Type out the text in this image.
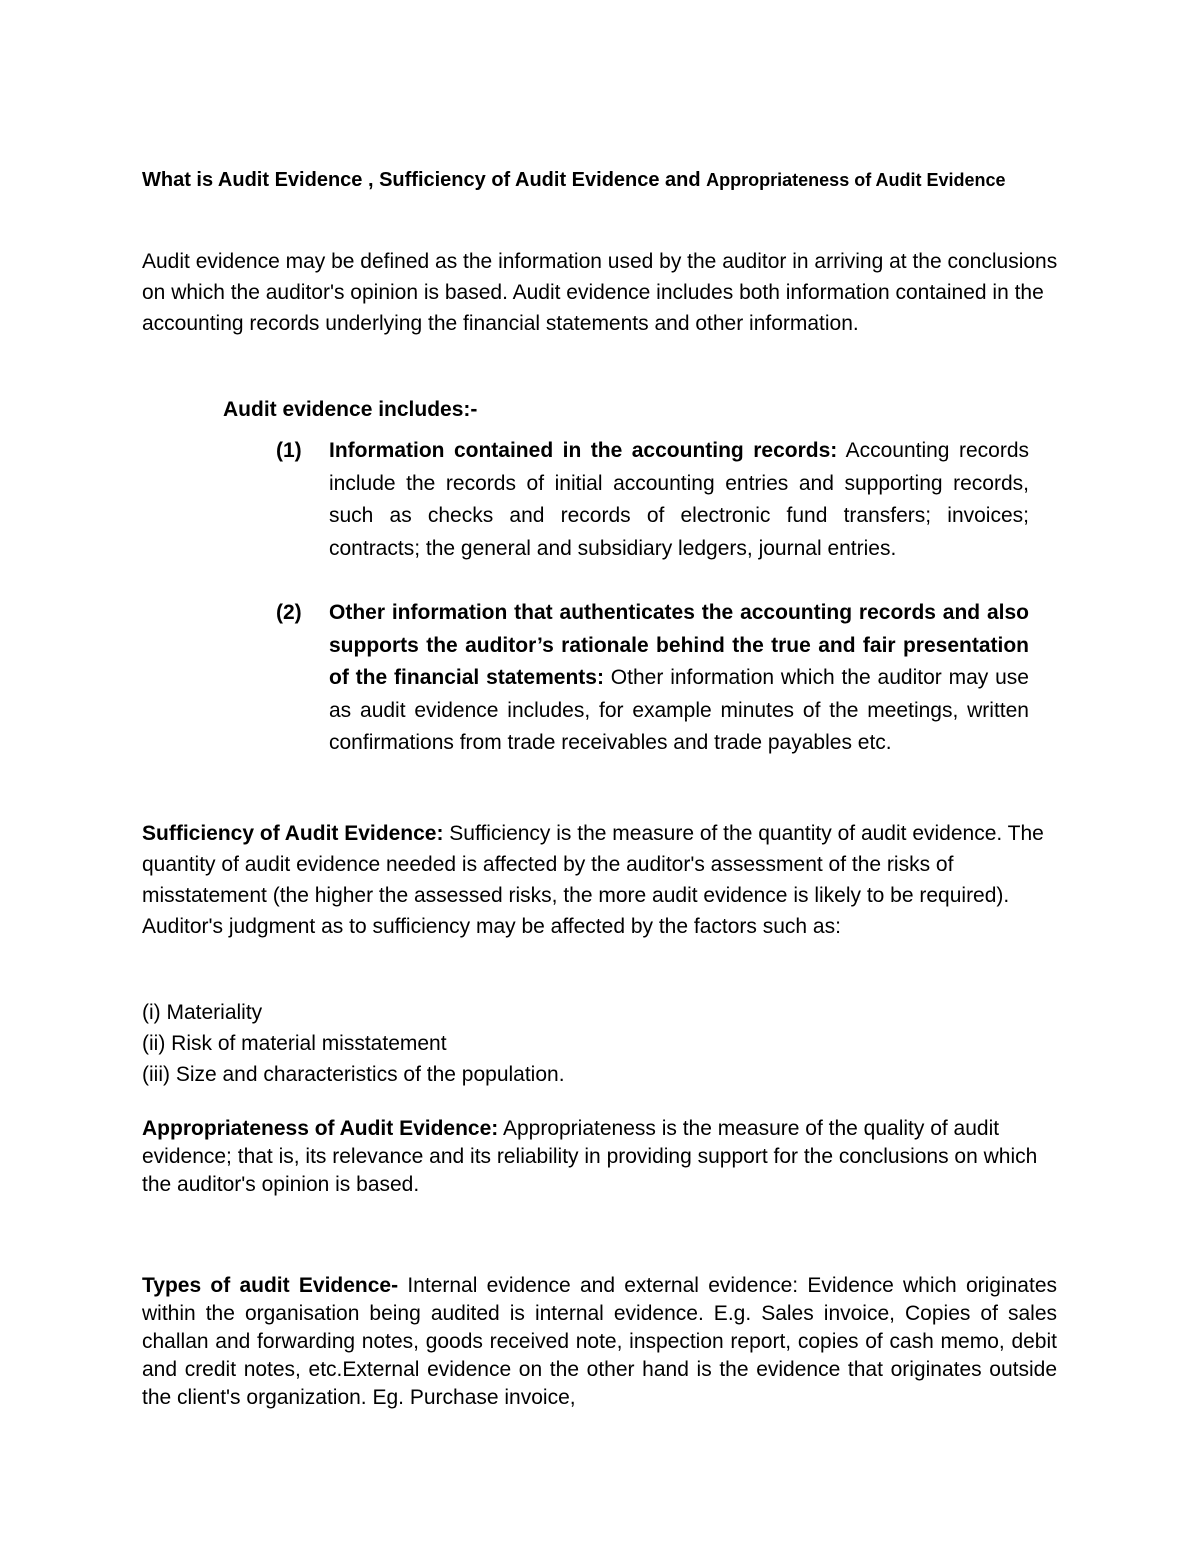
What is Audit Evidence , Sufficiency of Audit Evidence and Appropriateness of Audit Evidence
Audit evidence may be defined as the information used by the auditor in arriving at the conclusions on which the auditor's opinion is based. Audit evidence includes both information contained in the accounting records underlying the financial statements and other information.
Audit evidence includes:-
(1) Information contained in the accounting records: Accounting records include the records of initial accounting entries and supporting records, such as checks and records of electronic fund transfers; invoices; contracts; the general and subsidiary ledgers, journal entries.
(2) Other information that authenticates the accounting records and also supports the auditor’s rationale behind the true and fair presentation of the financial statements: Other information which the auditor may use as audit evidence includes, for example minutes of the meetings, written confirmations from trade receivables and trade payables etc.
Sufficiency of Audit Evidence: Sufficiency is the measure of the quantity of audit evidence. The quantity of audit evidence needed is affected by the auditor's assessment of the risks of misstatement (the higher the assessed risks, the more audit evidence is likely to be required). Auditor's judgment as to sufficiency may be affected by the factors such as:
(i) Materiality
(ii) Risk of material misstatement
(iii) Size and characteristics of the population.
Appropriateness of Audit Evidence: Appropriateness is the measure of the quality of audit evidence; that is, its relevance and its reliability in providing support for the conclusions on which the auditor's opinion is based.
Types of audit Evidence- Internal evidence and external evidence: Evidence which originates within the organisation being audited is internal evidence. E.g. Sales invoice, Copies of sales challan and forwarding notes, goods received note, inspection report, copies of cash memo, debit and credit notes, etc.External evidence on the other hand is the evidence that originates outside the client's organization. Eg. Purchase invoice,
